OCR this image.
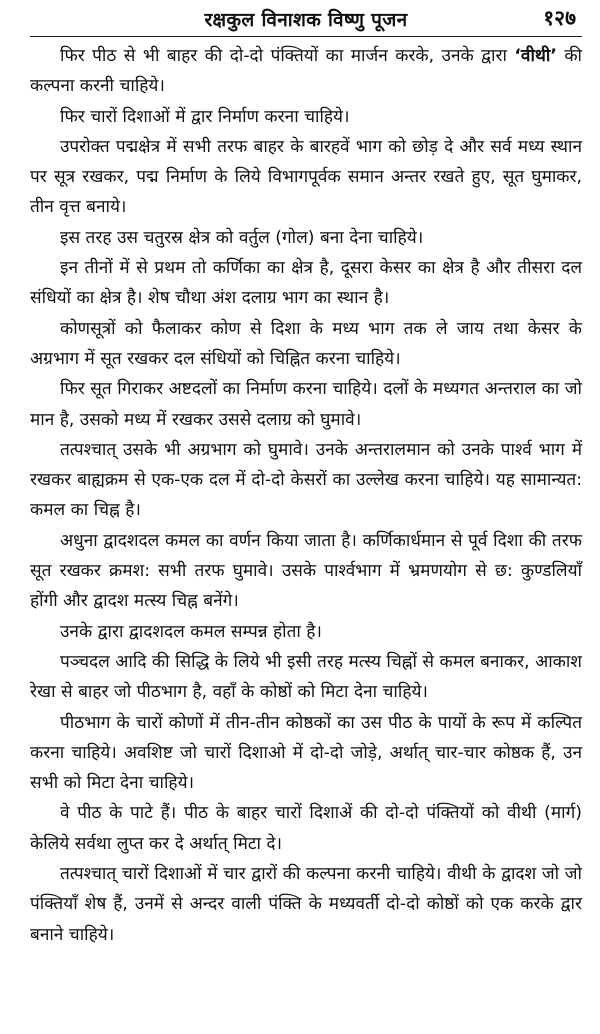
रक्षकुल विनाशक विष्णु पूजन	१२७

फिर पीठ से भी बाहर की दो-दो पंक्तियों का मार्जन करके, उनके द्वारा ‘वीथी’ की कल्पना करनी चाहिये।

फिर चारों दिशाओं में द्वार निर्माण करना चाहिये।

उपरोक्त पद्मक्षेत्र में सभी तरफ बाहर के बारहवें भाग को छोड़ दे और सर्व मध्य स्थान पर सूत्र रखकर, पद्म निर्माण के लिये विभागपूर्वक समान अन्तर रखते हुए, सूत घुमाकर, तीन वृत्त बनाये।

इस तरह उस चतुरस्र क्षेत्र को वर्तुल (गोल) बना देना चाहिये।

इन तीनों में से प्रथम तो कर्णिका का क्षेत्र है, दूसरा केसर का क्षेत्र है और तीसरा दल संधियों का क्षेत्र है। शेष चौथा अंश दलाग्र भाग का स्थान है।

कोणसूत्रों को फैलाकर कोण से दिशा के मध्य भाग तक ले जाय तथा केसर के अग्रभाग में सूत रखकर दल संधियों को चिह्नित करना चाहिये।

फिर सूत गिराकर अष्टदलों का निर्माण करना चाहिये। दलों के मध्यगत अन्तराल का जो मान है, उसको मध्य में रखकर उससे दलाग्र को घुमावे।

तत्पश्चात् उसके भी अग्रभाग को घुमावे। उनके अन्तरालमान को उनके पार्श्व भाग में रखकर बाह्यक्रम से एक-एक दल में दो-दो केसरों का उल्लेख करना चाहिये। यह सामान्यत: कमल का चिह्न है।

अधुना द्वादशदल कमल का वर्णन किया जाता है। कर्णिकार्धमान से पूर्व दिशा की तरफ सूत रखकर क्रमश: सभी तरफ घुमावे। उसके पार्श्वभाग में भ्रमणयोग से छ: कुण्डलियाँ होंगी और द्वादश मत्स्य चिह्न बनेंगे।

उनके द्वारा द्वादशदल कमल सम्पन्न होता है।

पञ्चदल आदि की सिद्धि के लिये भी इसी तरह मत्स्य चिह्नों से कमल बनाकर, आकाश रेखा से बाहर जो पीठभाग है, वहाँ के कोष्ठों को मिटा देना चाहिये।

पीठभाग के चारों कोणों में तीन-तीन कोष्ठकों का उस पीठ के पायों के रूप में कल्पित करना चाहिये। अवशिष्ट जो चारों दिशाओ में दो-दो जोड़े, अर्थात् चार-चार कोष्ठक हैं, उन सभी को मिटा देना चाहिये।

वे पीठ के पाटे हैं। पीठ के बाहर चारों दिशाअें की दो-दो पंक्तियों को वीथी (मार्ग) केलिये सर्वथा लुप्त कर दे अर्थात् मिटा दे।

तत्पश्चात् चारों दिशाओं में चार द्वारों की कल्पना करनी चाहिये। वीथी के द्वादश जो जो पंक्तियाँ शेष हैं, उनमें से अन्दर वाली पंक्ति के मध्यवर्ती दो-दो कोष्ठों को एक करके द्वार बनाने चाहिये।
